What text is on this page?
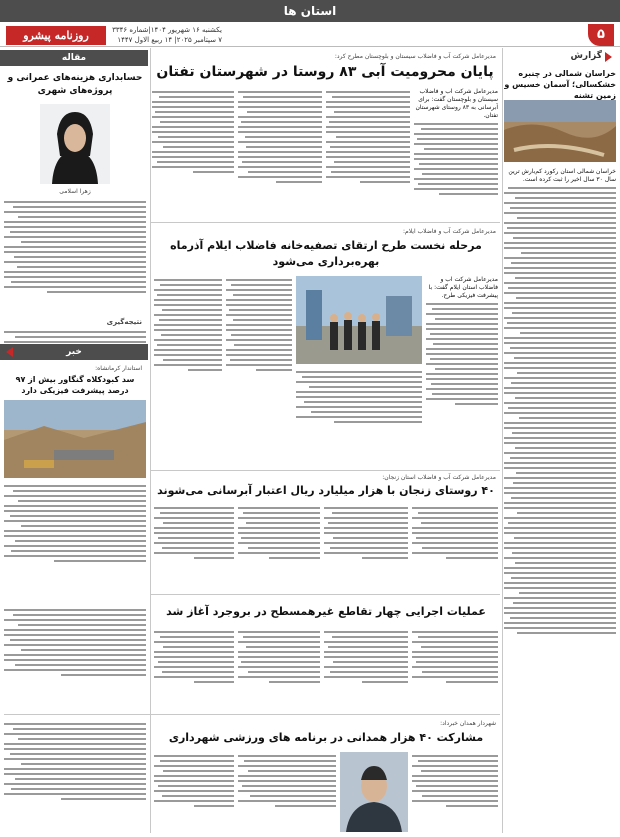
استان ها
روزنامه پیشرو	یکشنبه ۱۶ شهریور ۱۴۰۴|شماره ۳۳۴۶
۷ سپتامبر ۲۰۲۵| ۱۴ ربیع الاول ۱۴۴۷	۵
گزارش
خراسان شمالی در چنبره خشکسالی؛ آسمان خسیس و زمین تشنه
خراسان شمالی استان رکورد کم‌بارش ترین سال ۳۰ سال اخیر را ثبت کرده است.
مدیرعامل شرکت آب و فاضلاب سیستان و بلوچستان مطرح کرد:
پایان محرومیت آبی ۸۳ روستا در شهرستان تفتان
مدیرعامل شرکت آب و فاضلاب سیستان و بلوچستان گفت: برای آبرسانی به ۸۳ روستای شهرستان تفتان.
مقاله
حسابداری هزینه‌های عمرانی و پروژه‌های شهری
زهرا اسلامی
نتیجه‌گیری
خبر
استاندار کرمانشاه:
سد کبودکلاه گنگاور بیش از ۹۷ درصد پیشرفت فیزیکی دارد
مدیرعامل شرکت آب و فاضلاب ایلام:
مرحله نخست طرح ارتقای تصفیه‌خانه فاضلاب ایلام آذرماه بهره‌برداری می‌شود
مدیرعامل شرکت آب و فاضلاب استان ایلام گفت: با پیشرفت فیزیکی طرح.
مدیرعامل شرکت آب و فاضلاب استان زنجان:
۴۰ روستای زنجان با هزار میلیارد ریال اعتبار آبرسانی می‌شوند
عملیات اجرایی چهار تقاطع غیرهمسطح در بروجرد آغاز شد
شهردار همدان خبرداد:
مشارکت ۴۰ هزار همدانی در برنامه های ورزشی شهرداری
